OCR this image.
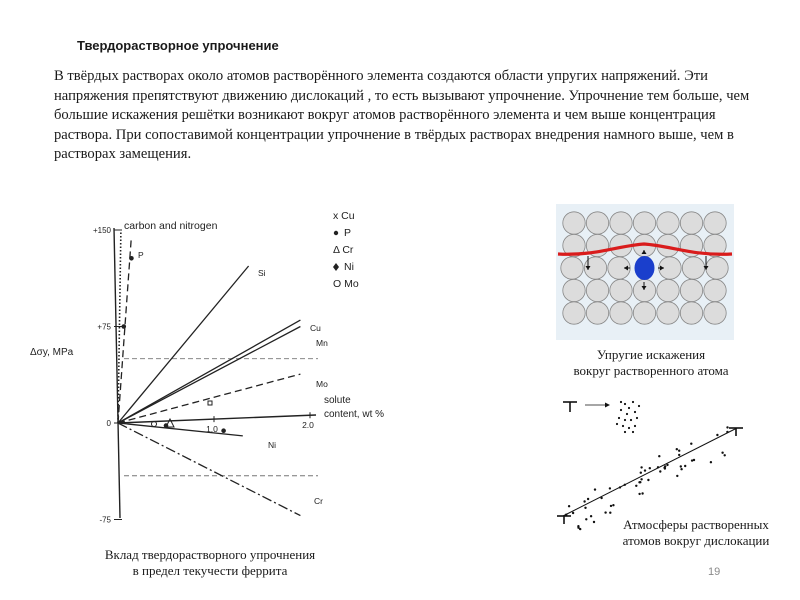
Твердорастворное упрочнение
В твёрдых растворах около атомов растворённого элемента создаются области упругих напряжений. Эти напряжения препятствуют движению дислокаций , то есть вызывают упрочнение. Упрочнение тем больше, чем большие искажения решётки возникают вокруг атомов растворённого элемента и чем выше концентрация раствора. При сопоставимой концентрации упрочнение в твёрдых растворах внедрения намного выше, чем в растворах замещения.
+150
+75
0
-75
1.0	2.0
Δσy, MPa
solute
content, wt %
carbon and nitrogen
P
Si
Cu
Mn
Mo
Ni
Cr
x Cu
P
Δ Cr
Ni
O Mo
Вклад твердорастворного упрочнения
в предел текучести феррита
Упругие искажения
вокруг растворенного атома
Атмосферы растворенных
атомов вокруг дислокации
19
